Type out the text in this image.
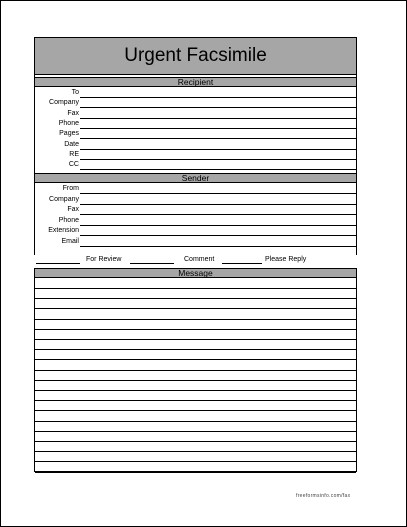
Urgent Facsimile
Recipient
To
Company
Fax
Phone
Pages
Date
RE
CC
Sender
From
Company
Fax
Phone
Extension
Email
For Review	Comment	Please Reply
Message
freeformsinfo.com/fax
